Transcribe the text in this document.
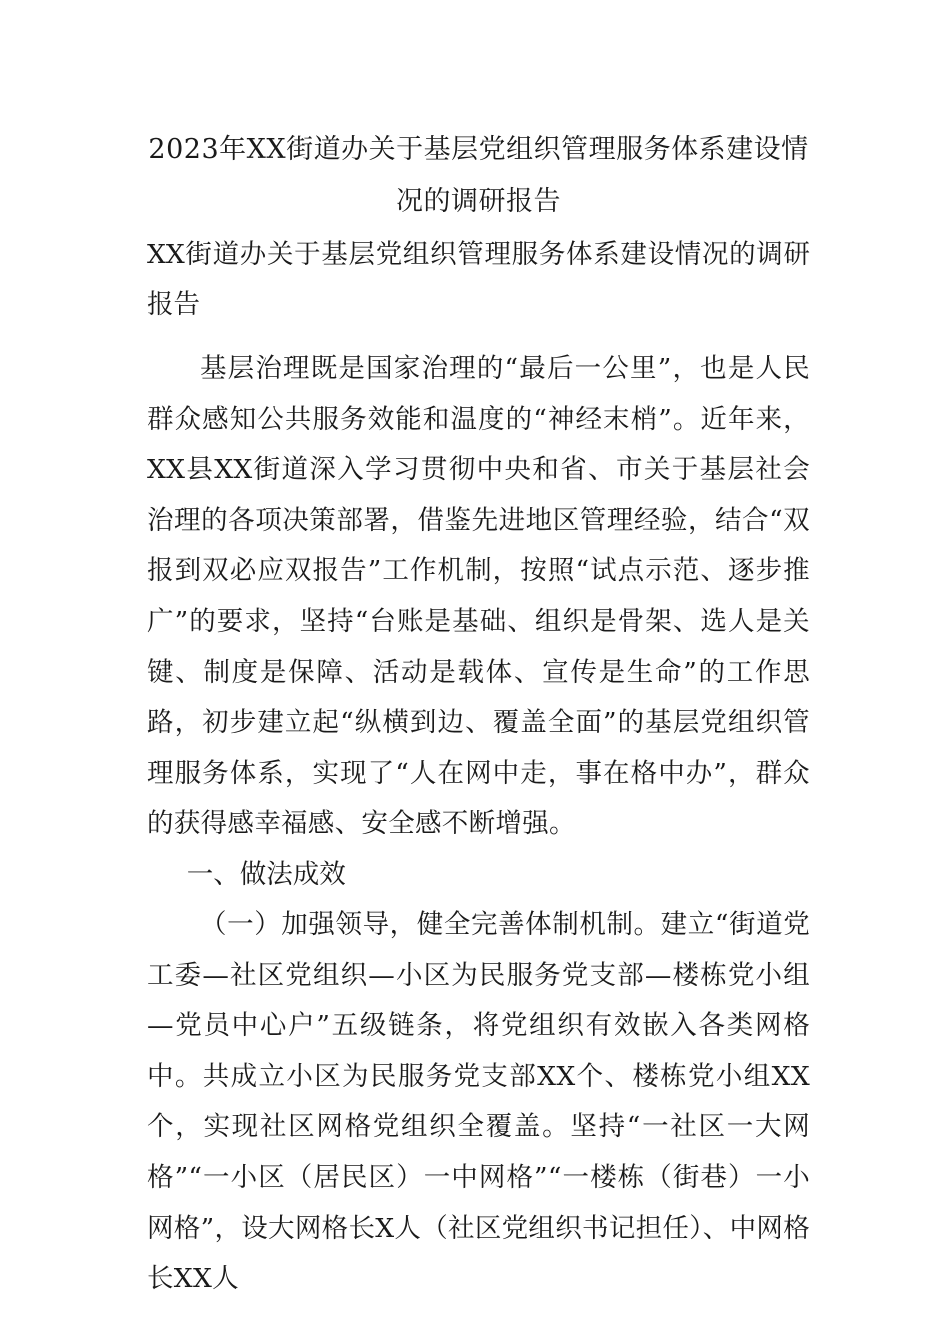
2023年XX街道办关于基层党组织管理服务体系建设情况的调研报告

XX街道办关于基层党组织管理服务体系建设情况的调研报告

基层治理既是国家治理的“最后一公里”，也是人民群众感知公共服务效能和温度的“神经末梢”。近年来，XX县XX街道深入学习贯彻中央和省、市关于基层社会治理的各项决策部署，借鉴先进地区管理经验，结合“双报到双必应双报告”工作机制，按照“试点示范、逐步推广”的要求，坚持“台账是基础、组织是骨架、选人是关键、制度是保障、活动是载体、宣传是生命”的工作思路，初步建立起“纵横到边、覆盖全面”的基层党组织管理服务体系，实现了“人在网中走，事在格中办”，群众的获得感幸福感、安全感不断增强。

一、做法成效

（一）加强领导，健全完善体制机制。建立“街道党工委—社区党组织—小区为民服务党支部—楼栋党小组—党员中心户”五级链条，将党组织有效嵌入各类网格中。共成立小区为民服务党支部XX个、楼栋党小组XX个，实现社区网格党组织全覆盖。坚持“一社区一大网格”“一小区（居民区）一中网格”“一楼栋（街巷）一小网格”，设大网格长X人（社区党组织书记担任）、中网格长XX人
